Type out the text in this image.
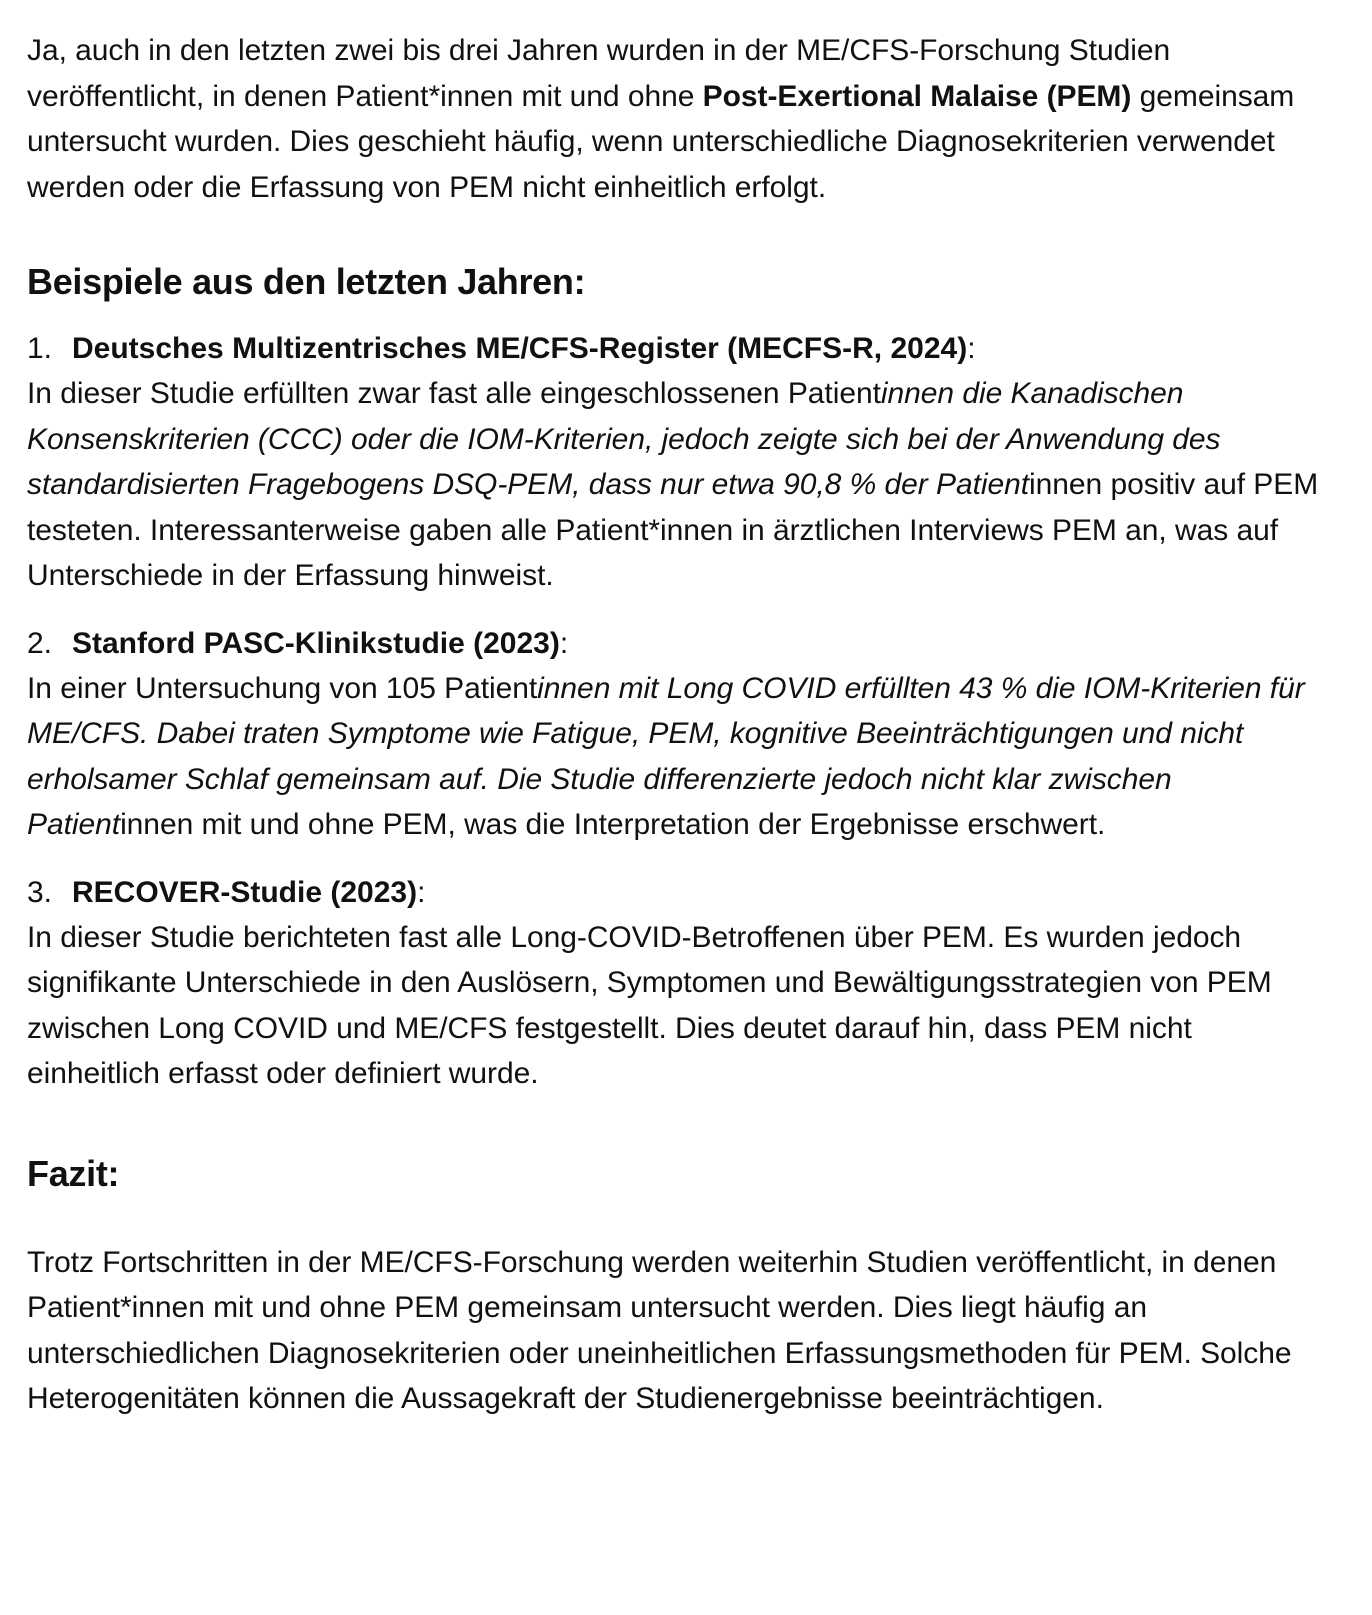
Ja, auch in den letzten zwei bis drei Jahren wurden in der ME/CFS-Forschung Studien veröffentlicht, in denen Patient*innen mit und ohne Post-Exertional Malaise (PEM) gemeinsam untersucht wurden. Dies geschieht häufig, wenn unterschiedliche Diagnosekriterien verwendet werden oder die Erfassung von PEM nicht einheitlich erfolgt.

Beispiele aus den letzten Jahren:
1. Deutsches Multizentrisches ME/CFS-Register (MECFS-R, 2024):

In dieser Studie erfüllten zwar fast alle eingeschlossenen Patientinnen die Kanadischen Konsenskriterien (CCC) oder die IOM-Kriterien, jedoch zeigte sich bei der Anwendung des standardisierten Fragebogens DSQ-PEM, dass nur etwa 90,8 % der Patientinnen positiv auf PEM testeten. Interessanterweise gaben alle Patient*innen in ärztlichen Interviews PEM an, was auf Unterschiede in der Erfassung hinweist.

2. Stanford PASC-Klinikstudie (2023):

In einer Untersuchung von 105 Patientinnen mit Long COVID erfüllten 43 % die IOM-Kriterien für ME/CFS. Dabei traten Symptome wie Fatigue, PEM, kognitive Beeinträchtigungen und nicht erholsamer Schlaf gemeinsam auf. Die Studie differenzierte jedoch nicht klar zwischen Patientinnen mit und ohne PEM, was die Interpretation der Ergebnisse erschwert.

3. RECOVER-Studie (2023):

In dieser Studie berichteten fast alle Long-COVID-Betroffenen über PEM. Es wurden jedoch signifikante Unterschiede in den Auslösern, Symptomen und Bewältigungsstrategien von PEM zwischen Long COVID und ME/CFS festgestellt. Dies deutet darauf hin, dass PEM nicht einheitlich erfasst oder definiert wurde.

Fazit:

Trotz Fortschritten in der ME/CFS-Forschung werden weiterhin Studien veröffentlicht, in denen Patient*innen mit und ohne PEM gemeinsam untersucht werden. Dies liegt häufig an unterschiedlichen Diagnosekriterien oder uneinheitlichen Erfassungsmethoden für PEM. Solche Heterogenitäten können die Aussagekraft der Studienergebnisse beeinträchtigen.
